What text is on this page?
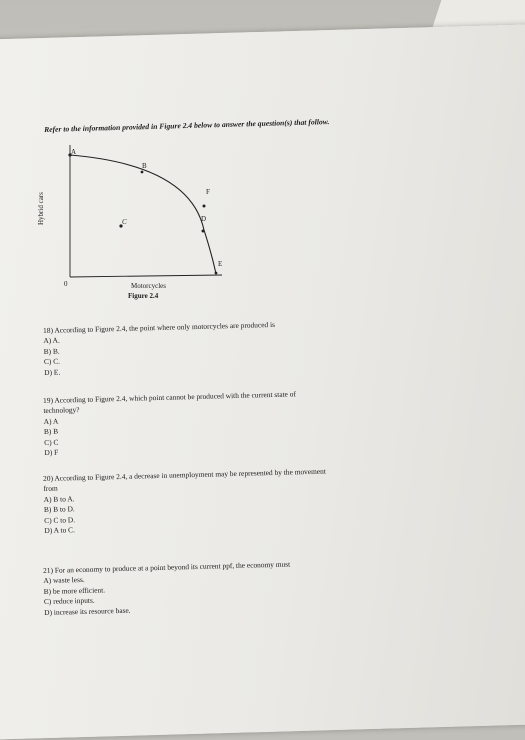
Refer to the information provided in Figure 2.4 below to answer the question(s) that follow.
A
B
C
F
D
E
Hybrid cars
0	Motorcycles
Figure 2.4
18) According to Figure 2.4, the point where only motorcycles are produced is
A) A.
B) B.
C) C.
D) E.
19) According to Figure 2.4, which point cannot be produced with the current state of
technology?
A) A
B) B
C) C
D) F
20) According to Figure 2.4, a decrease in unemployment may be represented by the movement
from
A) B to A.
B) B to D.
C) C to D.
D) A to C.
21) For an economy to produce at a point beyond its current ppf, the economy must
A) waste less.
B) be more efficient.
C) reduce inputs.
D) increase its resource base.
